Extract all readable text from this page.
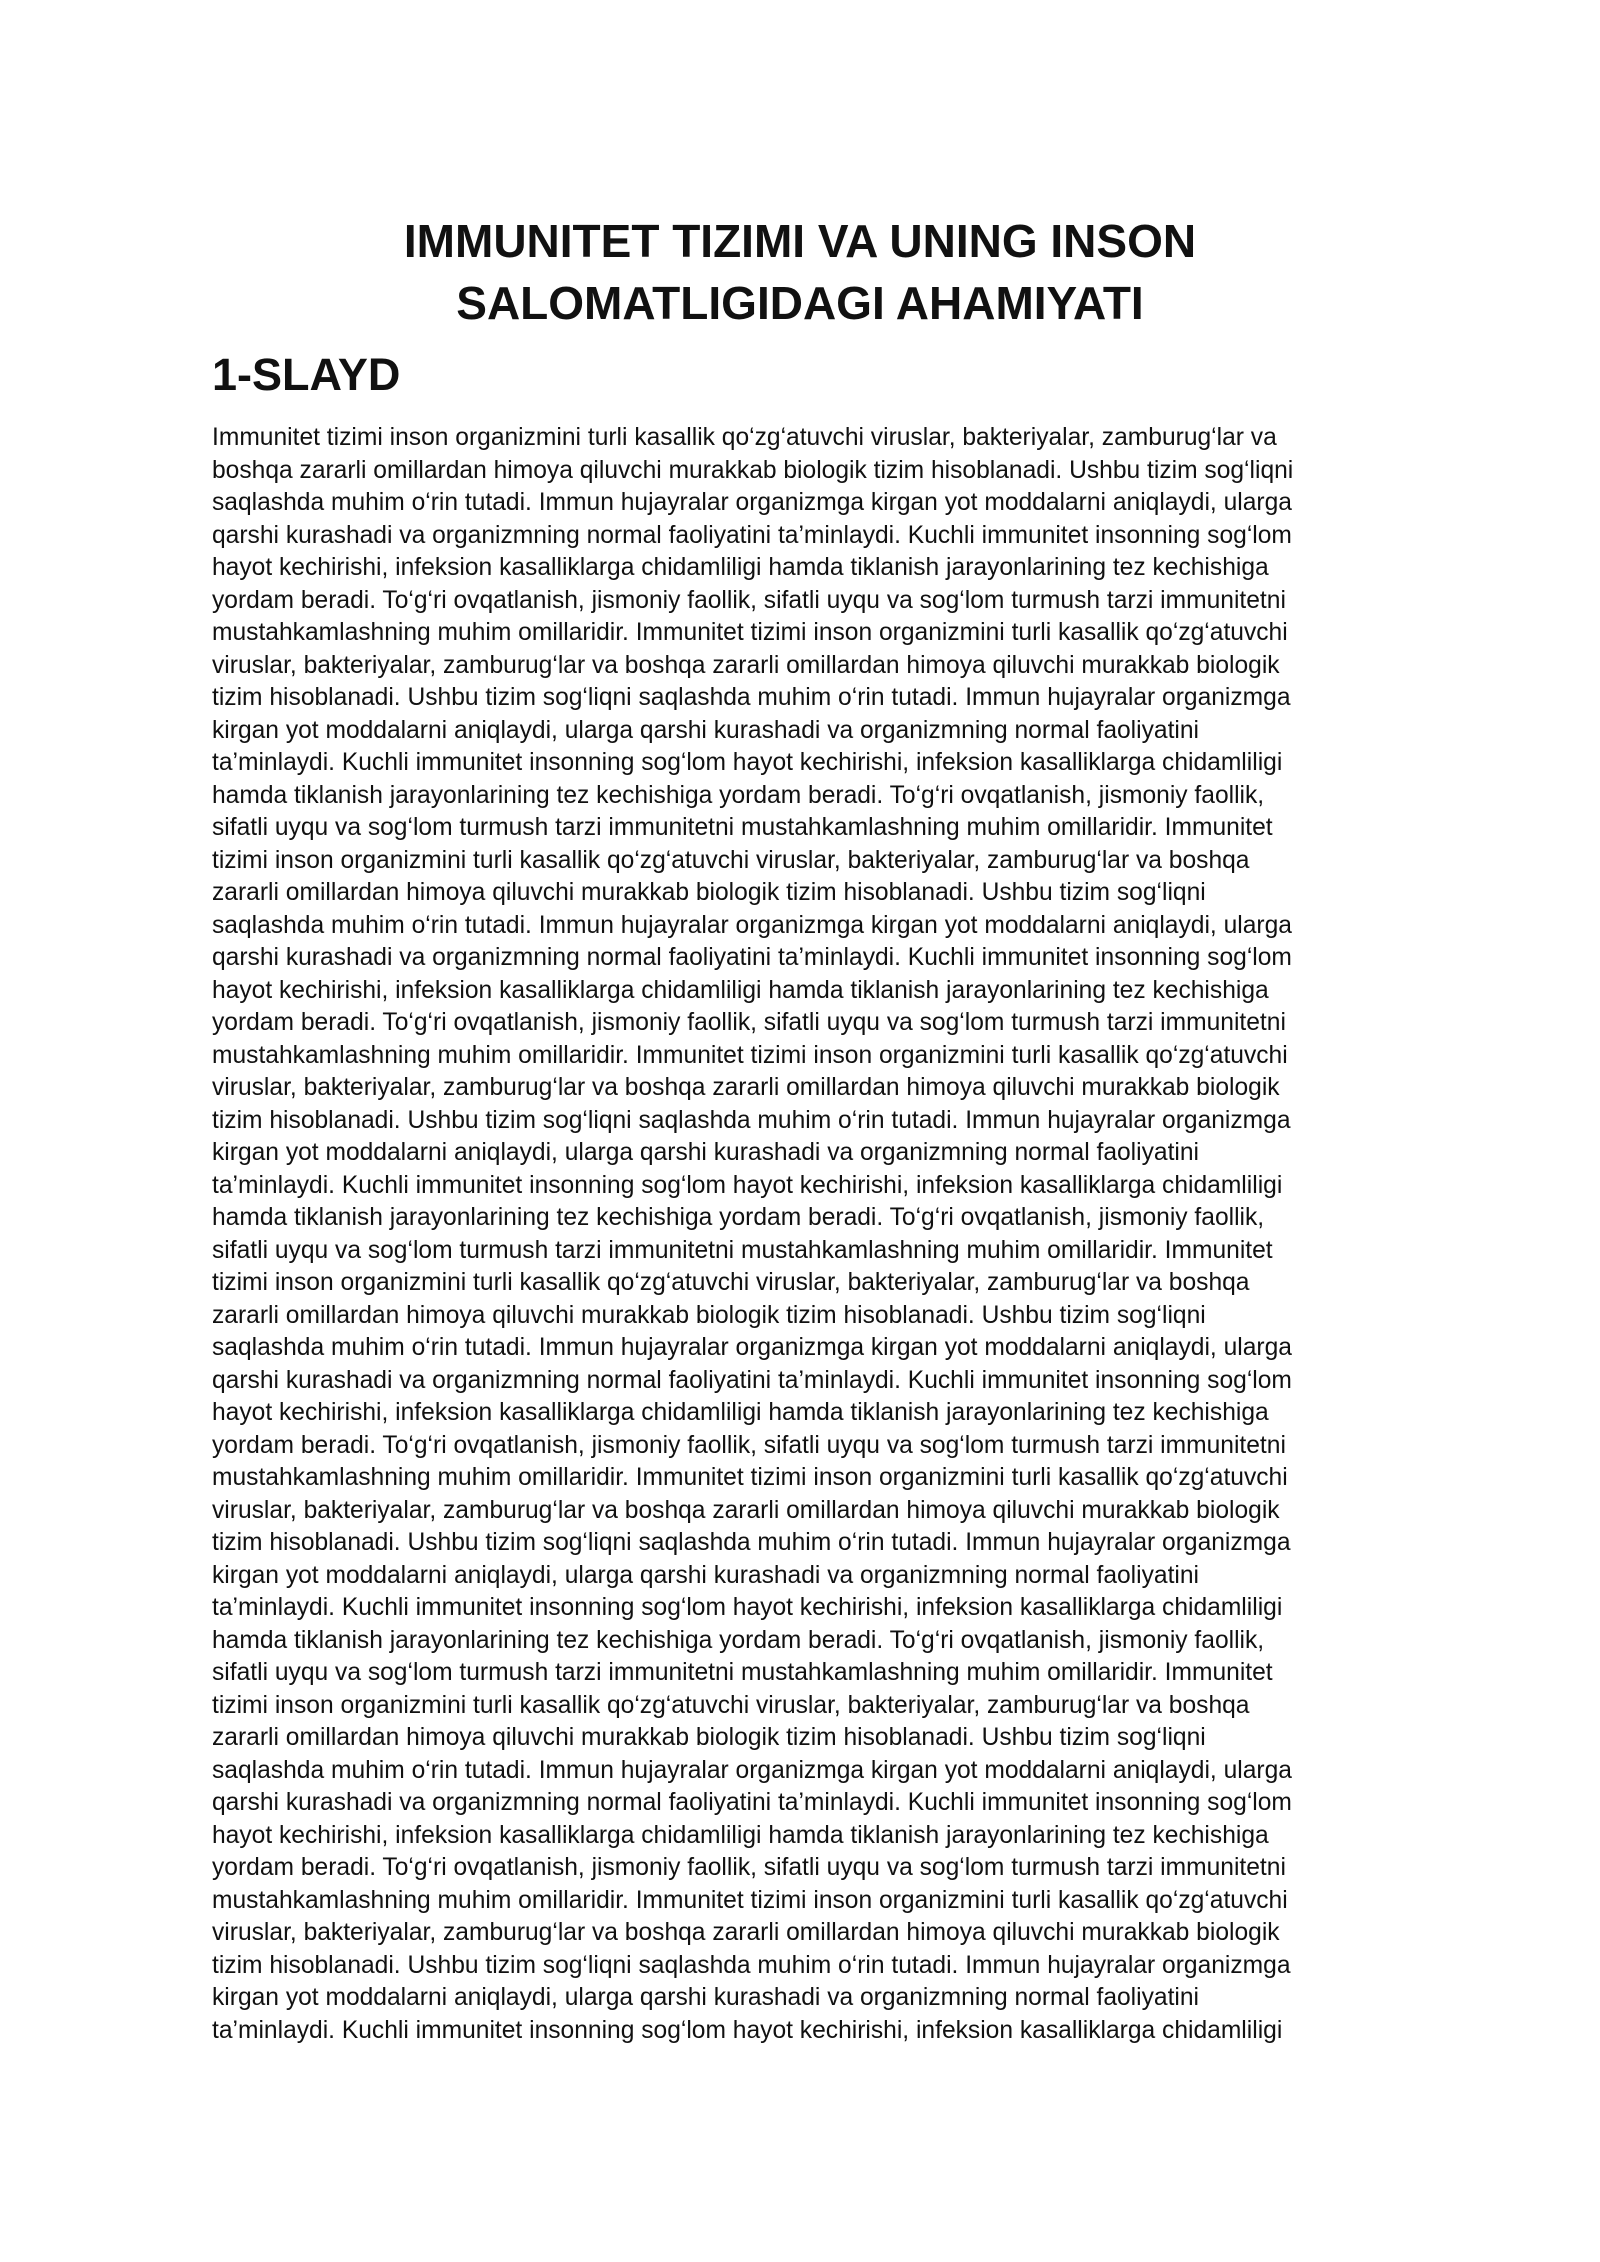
IMMUNITET TIZIMI VA UNING INSON
SALOMATLIGIDAGI AHAMIYATI
1-SLAYD

Immunitet tizimi inson organizmini turli kasallik qo‘zg‘atuvchi viruslar, bakteriyalar, zamburug‘lar va
boshqa zararli omillardan himoya qiluvchi murakkab biologik tizim hisoblanadi. Ushbu tizim sog‘liqni
saqlashda muhim o‘rin tutadi. Immun hujayralar organizmga kirgan yot moddalarni aniqlaydi, ularga
qarshi kurashadi va organizmning normal faoliyatini ta’minlaydi. Kuchli immunitet insonning sog‘lom
hayot kechirishi, infeksion kasalliklarga chidamliligi hamda tiklanish jarayonlarining tez kechishiga
yordam beradi. To‘g‘ri ovqatlanish, jismoniy faollik, sifatli uyqu va sog‘lom turmush tarzi immunitetni
mustahkamlashning muhim omillaridir. Immunitet tizimi inson organizmini turli kasallik qo‘zg‘atuvchi
viruslar, bakteriyalar, zamburug‘lar va boshqa zararli omillardan himoya qiluvchi murakkab biologik
tizim hisoblanadi. Ushbu tizim sog‘liqni saqlashda muhim o‘rin tutadi. Immun hujayralar organizmga
kirgan yot moddalarni aniqlaydi, ularga qarshi kurashadi va organizmning normal faoliyatini
ta’minlaydi. Kuchli immunitet insonning sog‘lom hayot kechirishi, infeksion kasalliklarga chidamliligi
hamda tiklanish jarayonlarining tez kechishiga yordam beradi. To‘g‘ri ovqatlanish, jismoniy faollik,
sifatli uyqu va sog‘lom turmush tarzi immunitetni mustahkamlashning muhim omillaridir. Immunitet
tizimi inson organizmini turli kasallik qo‘zg‘atuvchi viruslar, bakteriyalar, zamburug‘lar va boshqa
zararli omillardan himoya qiluvchi murakkab biologik tizim hisoblanadi. Ushbu tizim sog‘liqni
saqlashda muhim o‘rin tutadi. Immun hujayralar organizmga kirgan yot moddalarni aniqlaydi, ularga
qarshi kurashadi va organizmning normal faoliyatini ta’minlaydi. Kuchli immunitet insonning sog‘lom
hayot kechirishi, infeksion kasalliklarga chidamliligi hamda tiklanish jarayonlarining tez kechishiga
yordam beradi. To‘g‘ri ovqatlanish, jismoniy faollik, sifatli uyqu va sog‘lom turmush tarzi immunitetni
mustahkamlashning muhim omillaridir. Immunitet tizimi inson organizmini turli kasallik qo‘zg‘atuvchi
viruslar, bakteriyalar, zamburug‘lar va boshqa zararli omillardan himoya qiluvchi murakkab biologik
tizim hisoblanadi. Ushbu tizim sog‘liqni saqlashda muhim o‘rin tutadi. Immun hujayralar organizmga
kirgan yot moddalarni aniqlaydi, ularga qarshi kurashadi va organizmning normal faoliyatini
ta’minlaydi. Kuchli immunitet insonning sog‘lom hayot kechirishi, infeksion kasalliklarga chidamliligi
hamda tiklanish jarayonlarining tez kechishiga yordam beradi. To‘g‘ri ovqatlanish, jismoniy faollik,
sifatli uyqu va sog‘lom turmush tarzi immunitetni mustahkamlashning muhim omillaridir. Immunitet
tizimi inson organizmini turli kasallik qo‘zg‘atuvchi viruslar, bakteriyalar, zamburug‘lar va boshqa
zararli omillardan himoya qiluvchi murakkab biologik tizim hisoblanadi. Ushbu tizim sog‘liqni
saqlashda muhim o‘rin tutadi. Immun hujayralar organizmga kirgan yot moddalarni aniqlaydi, ularga
qarshi kurashadi va organizmning normal faoliyatini ta’minlaydi. Kuchli immunitet insonning sog‘lom
hayot kechirishi, infeksion kasalliklarga chidamliligi hamda tiklanish jarayonlarining tez kechishiga
yordam beradi. To‘g‘ri ovqatlanish, jismoniy faollik, sifatli uyqu va sog‘lom turmush tarzi immunitetni
mustahkamlashning muhim omillaridir. Immunitet tizimi inson organizmini turli kasallik qo‘zg‘atuvchi
viruslar, bakteriyalar, zamburug‘lar va boshqa zararli omillardan himoya qiluvchi murakkab biologik
tizim hisoblanadi. Ushbu tizim sog‘liqni saqlashda muhim o‘rin tutadi. Immun hujayralar organizmga
kirgan yot moddalarni aniqlaydi, ularga qarshi kurashadi va organizmning normal faoliyatini
ta’minlaydi. Kuchli immunitet insonning sog‘lom hayot kechirishi, infeksion kasalliklarga chidamliligi
hamda tiklanish jarayonlarining tez kechishiga yordam beradi. To‘g‘ri ovqatlanish, jismoniy faollik,
sifatli uyqu va sog‘lom turmush tarzi immunitetni mustahkamlashning muhim omillaridir. Immunitet
tizimi inson organizmini turli kasallik qo‘zg‘atuvchi viruslar, bakteriyalar, zamburug‘lar va boshqa
zararli omillardan himoya qiluvchi murakkab biologik tizim hisoblanadi. Ushbu tizim sog‘liqni
saqlashda muhim o‘rin tutadi. Immun hujayralar organizmga kirgan yot moddalarni aniqlaydi, ularga
qarshi kurashadi va organizmning normal faoliyatini ta’minlaydi. Kuchli immunitet insonning sog‘lom
hayot kechirishi, infeksion kasalliklarga chidamliligi hamda tiklanish jarayonlarining tez kechishiga
yordam beradi. To‘g‘ri ovqatlanish, jismoniy faollik, sifatli uyqu va sog‘lom turmush tarzi immunitetni
mustahkamlashning muhim omillaridir. Immunitet tizimi inson organizmini turli kasallik qo‘zg‘atuvchi
viruslar, bakteriyalar, zamburug‘lar va boshqa zararli omillardan himoya qiluvchi murakkab biologik
tizim hisoblanadi. Ushbu tizim sog‘liqni saqlashda muhim o‘rin tutadi. Immun hujayralar organizmga
kirgan yot moddalarni aniqlaydi, ularga qarshi kurashadi va organizmning normal faoliyatini
ta’minlaydi. Kuchli immunitet insonning sog‘lom hayot kechirishi, infeksion kasalliklarga chidamliligi
